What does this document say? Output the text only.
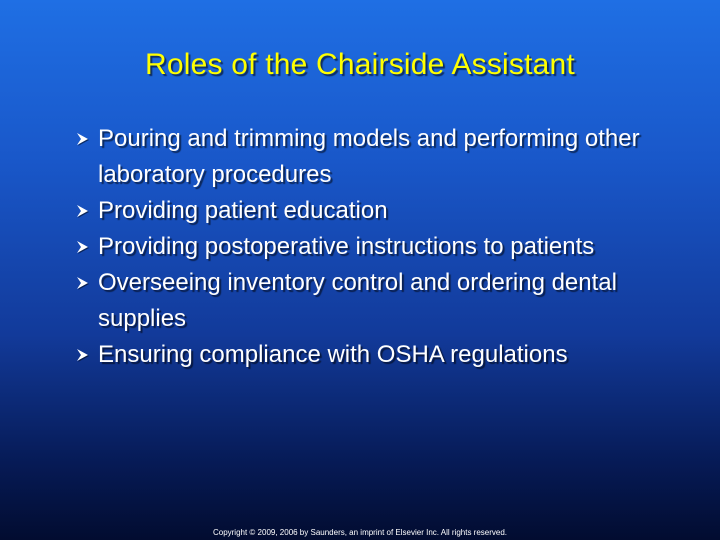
Roles of the Chairside Assistant
Pouring and trimming models and performing other laboratory procedures
Providing patient education
Providing postoperative instructions to patients
Overseeing inventory control and ordering dental supplies
Ensuring compliance with OSHA regulations
Copyright © 2009, 2006 by Saunders, an imprint of Elsevier Inc. All rights reserved.
